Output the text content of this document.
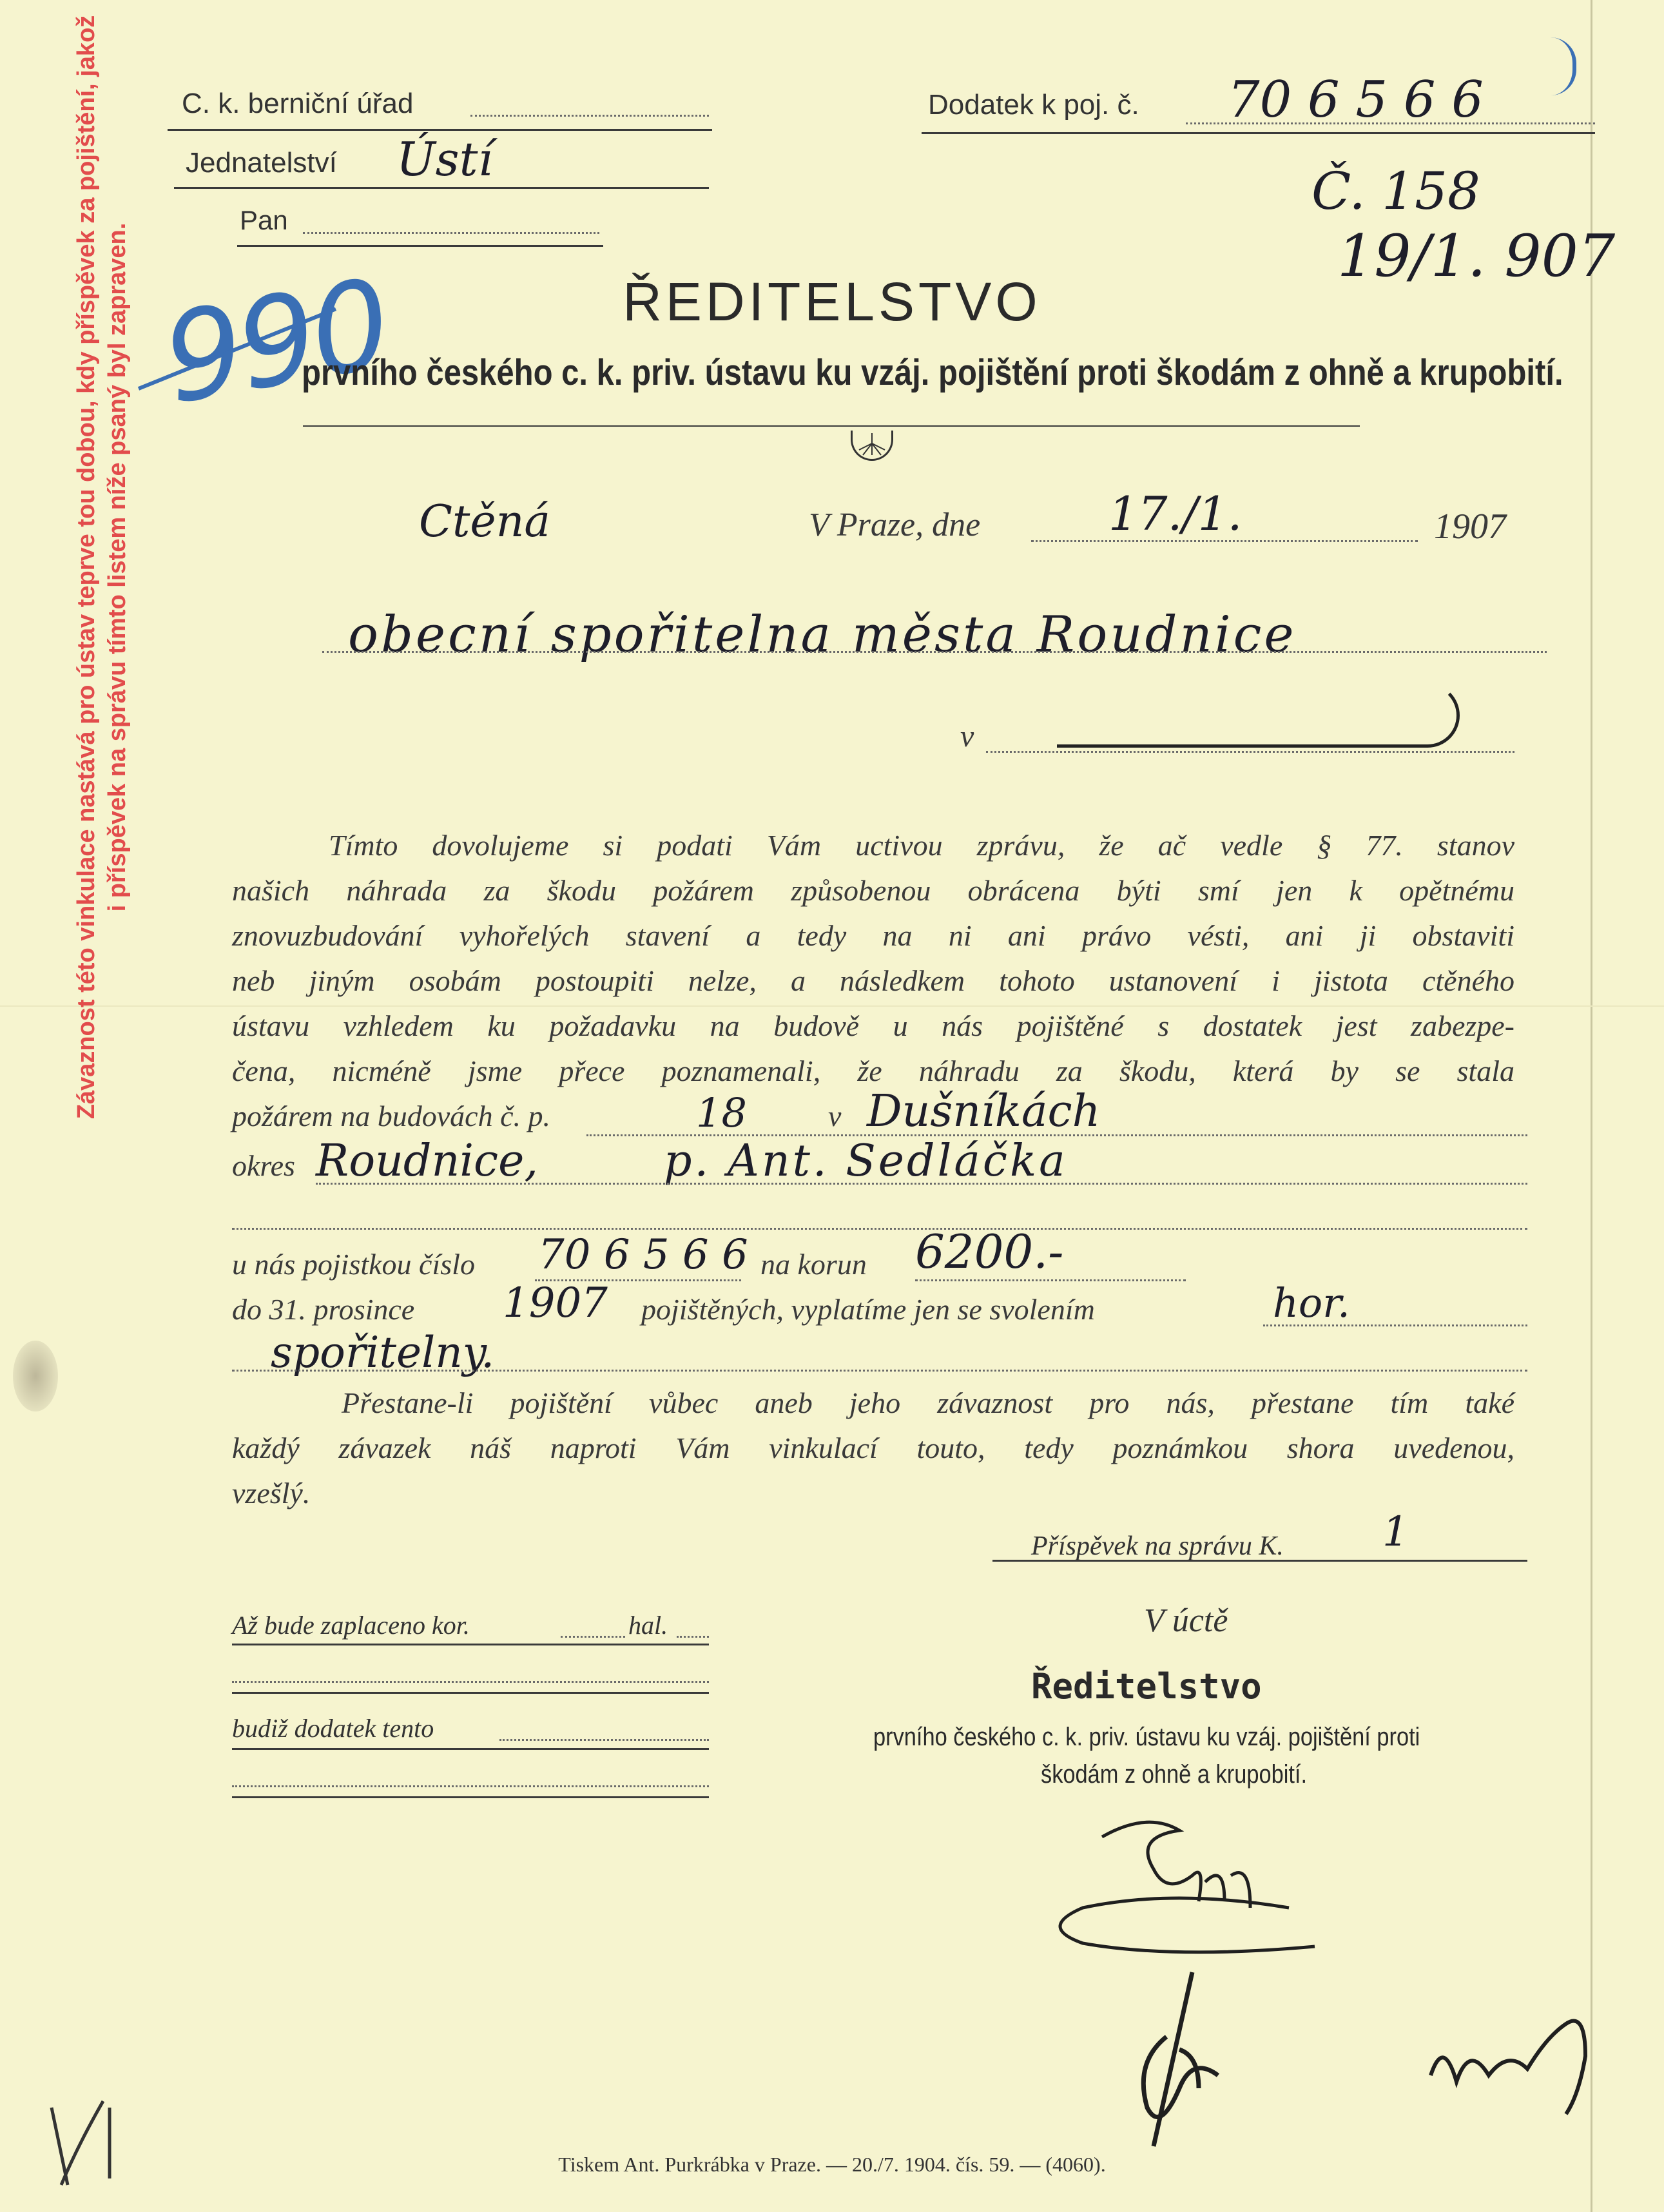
C. k. berniční úřad
Jednatelství Ústí
Pan
Dodatek k poj. č. 70 6 5 6 6
Č. 158
19/1. 907
990	ŘEDITELSTVO
prvního českého c. k. priv. ústavu ku vzáj. pojištění proti škodám z ohně a krupobití.
Ctěná	V Praze, dne	17./1.	1907
obecní spořitelna města Roudnice
v
Tímto dovolujeme si podati Vám uctivou zprávu, že ač vedle § 77. stanov
našich náhrada za škodu požárem způsobenou obrácena býti smí jen k opětnému
znovuzbudování vyhořelých stavení a tedy na ni ani právo vésti, ani ji obstaviti
neb jiným osobám postoupiti nelze, a následkem tohoto ustanovení i jistota ctěného
ústavu vzhledem ku požadavku na budově u nás pojištěné s dostatek jest zabezpe-
čena, nicméně jsme přece poznamenali, že náhradu za škodu, která by se stala
požárem na budovách č. p.	18	v Dušníkách
okres Roudnice,	p. Ant. Sedláčka
u nás pojistkou číslo 70 6 5 6 6 na korun 6200.-
do 31. prosince 1907 pojištěných, vyplatíme jen se svolením	hor.
spořitelny.
Přestane-li pojištění vůbec aneb jeho závaznost pro nás, přestane tím také
každý závazek náš naproti Vám vinkulací touto, tedy poznámkou shora uvedenou,
vzešlý.
Příspěvek na správu K. 1
Až bude zaplaceno kor.	hal.
budiž dodatek tento
V úctě
Ředitelstvo
prvního českého c. k. priv. ústavu ku vzáj. pojištění proti
škodám z ohně a krupobití.
Závaznost této vinkulace nastává pro ústav teprve tou dobou, kdy příspěvek za pojištění, jakož i příspěvek na správu tímto listem níže psaný byl zapraven.
Tiskem Ant. Purkrábka v Praze. — 20./7. 1904. čís. 59. — (4060).
